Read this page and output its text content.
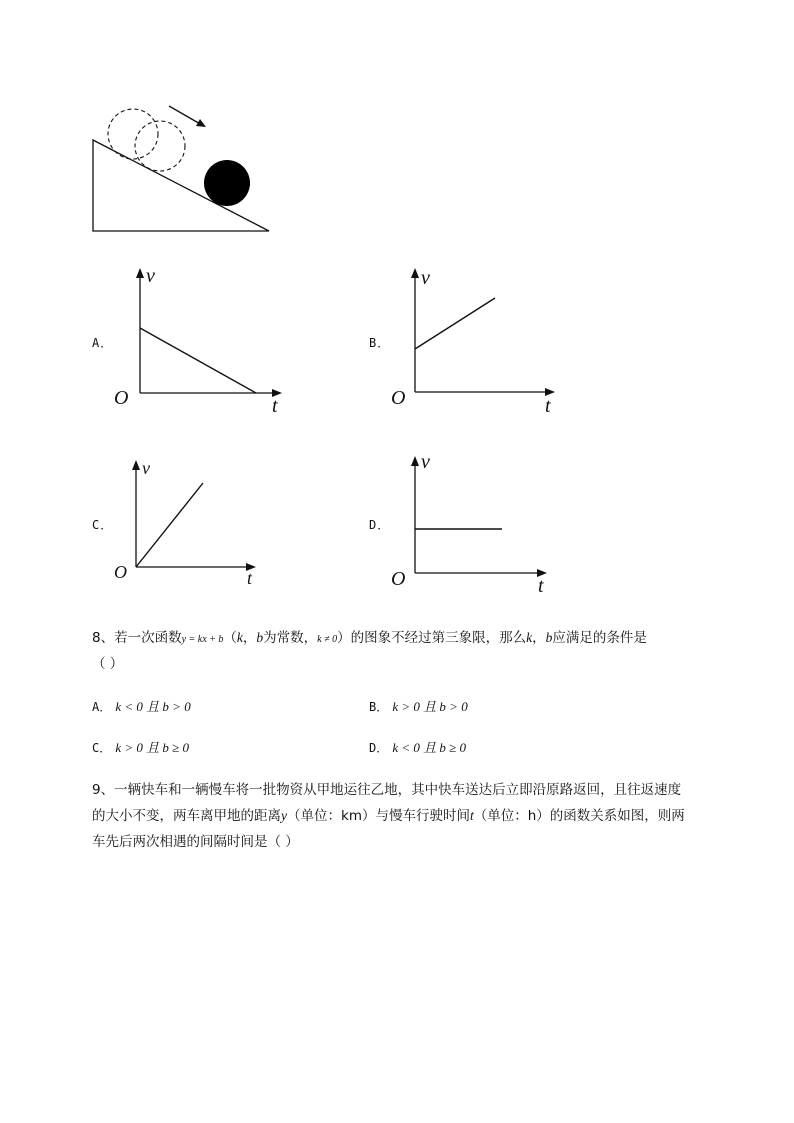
v
t
O
A．
v
t
O
B．
v
t
O
C．
v
t
O
D．
8、若一次函数y = kx + b（k，b为常数，k ≠ 0）的图象不经过第三象限，那么k，b应满足的条件是
（ ）
A． k < 0 且 b > 0	B． k > 0 且 b > 0
C． k > 0 且 b ≥ 0	D． k < 0 且 b ≥ 0
9、一辆快车和一辆慢车将一批物资从甲地运往乙地，其中快车送达后立即沿原路返回，且往返速度
的大小不变，两车离甲地的距离y（单位：km）与慢车行驶时间t（单位：h）的函数关系如图，则两
车先后两次相遇的间隔时间是（ ）
